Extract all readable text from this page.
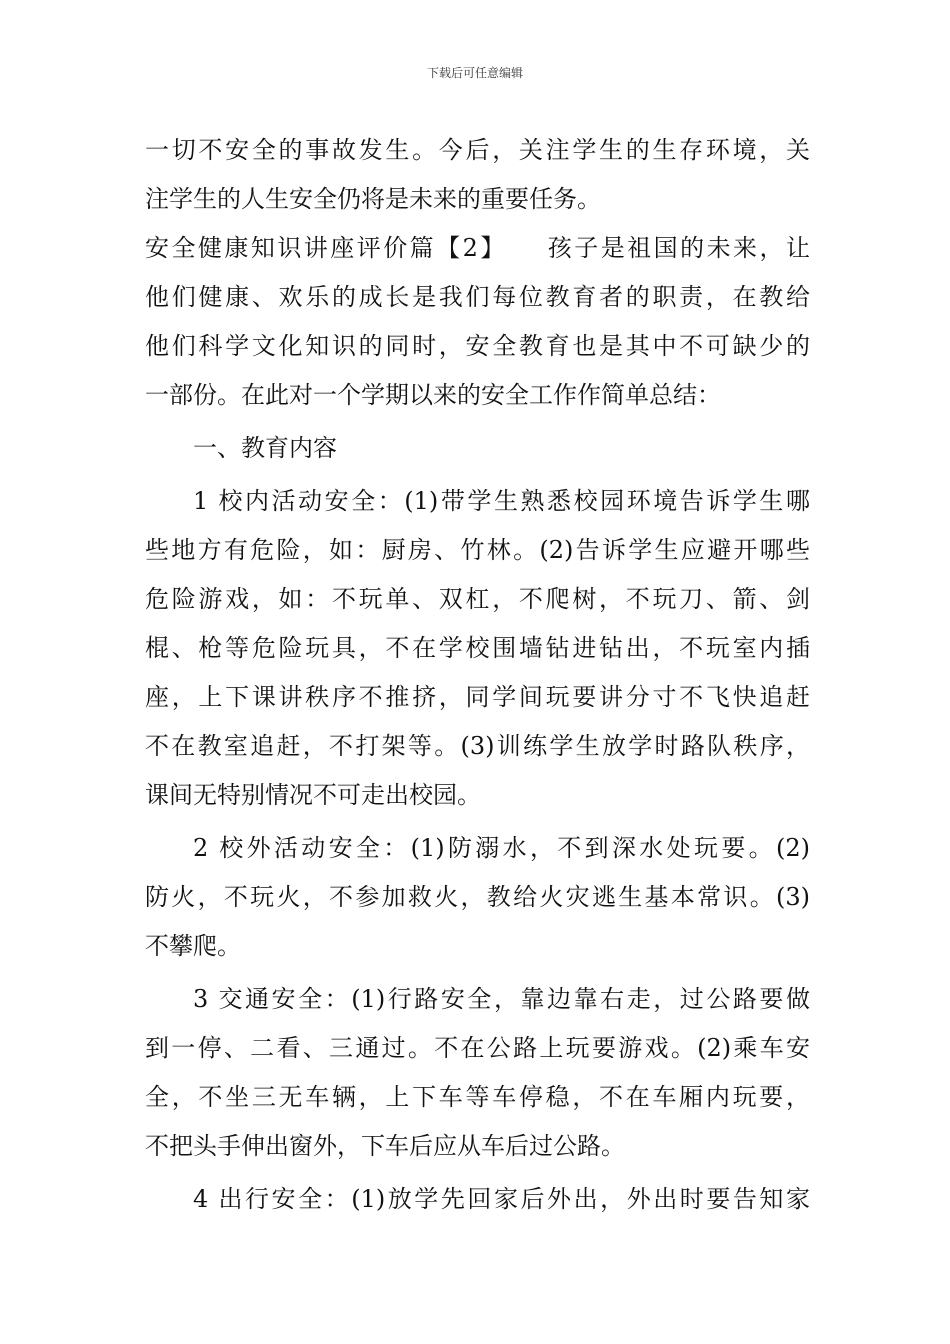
下载后可任意编辑
一切不安全的事故发生。今后，关注学生的生存环境，关
注学生的人生安全仍将是未来的重要任务。
安全健康知识讲座评价篇【2】　　孩子是祖国的未来，让
他们健康、欢乐的成长是我们每位教育者的职责，在教给
他们科学文化知识的同时，安全教育也是其中不可缺少的
一部份。在此对一个学期以来的安全工作作简单总结：
一、教育内容
1 校内活动安全：(1)带学生熟悉校园环境告诉学生哪
些地方有危险，如：厨房、竹林。(2)告诉学生应避开哪些
危险游戏，如：不玩单、双杠，不爬树，不玩刀、箭、剑
棍、枪等危险玩具，不在学校围墙钻进钻出，不玩室内插
座，上下课讲秩序不推挤，同学间玩要讲分寸不飞快追赶
不在教室追赶，不打架等。(3)训练学生放学时路队秩序，
课间无特别情况不可走出校园。
2 校外活动安全：(1)防溺水，不到深水处玩要。(2)
防火，不玩火，不参加救火，教给火灾逃生基本常识。(3)
不攀爬。
3 交通安全：(1)行路安全，靠边靠右走，过公路要做
到一停、二看、三通过。不在公路上玩要游戏。(2)乘车安
全，不坐三无车辆，上下车等车停稳，不在车厢内玩要，
不把头手伸出窗外，下车后应从车后过公路。
4 出行安全：(1)放学先回家后外出，外出时要告知家
